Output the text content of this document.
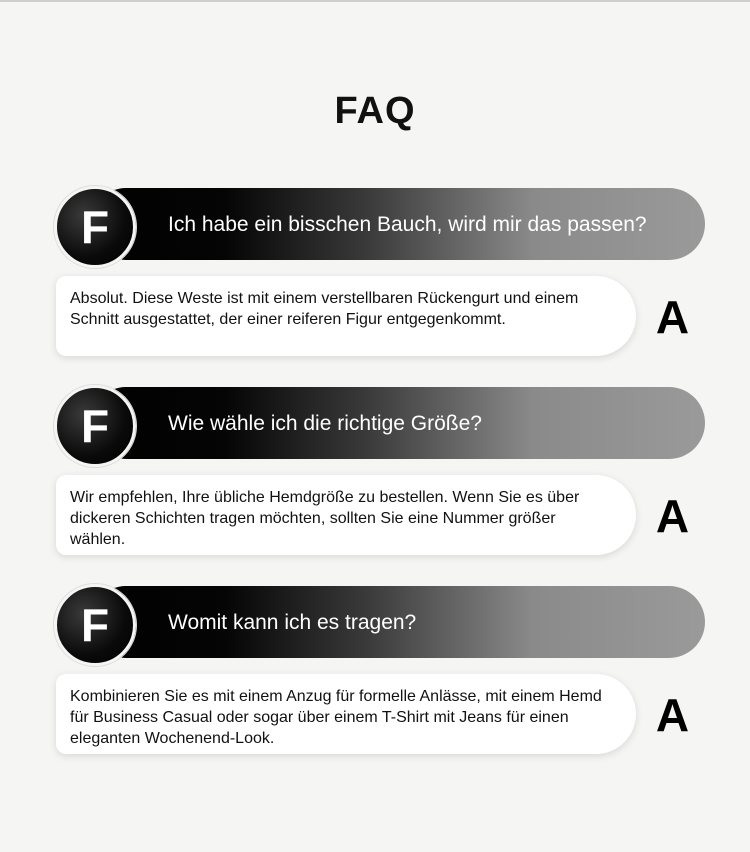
FAQ
Ich habe ein bisschen Bauch, wird mir das passen?
F
Absolut. Diese Weste ist mit einem verstellbaren Rückengurt und einem Schnitt ausgestattet, der einer reiferen Figur entgegenkommt.	A
Wie wähle ich die richtige Größe?
F
Wir empfehlen, Ihre übliche Hemdgröße zu bestellen. Wenn Sie es über dickeren Schichten tragen möchten, sollten Sie eine Nummer größer wählen.	A
Womit kann ich es tragen?
F
Kombinieren Sie es mit einem Anzug für formelle Anlässe, mit einem Hemd für Business Casual oder sogar über einem T-Shirt mit Jeans für einen eleganten Wochenend-Look.	A
